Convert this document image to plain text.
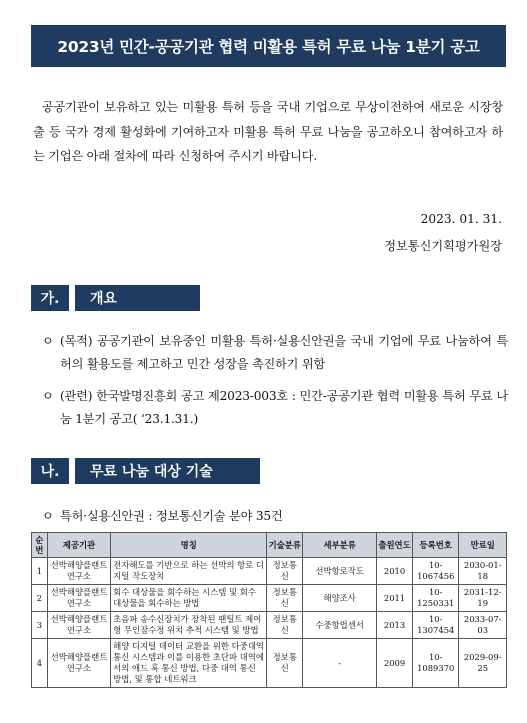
2023년 민간-공공기관 협력 미활용 특허 무료 나눔 1분기 공고
공공기관이 보유하고 있는 미활용 특허 등을 국내 기업으로 무상이전하여 새로운 시장창출 등 국가 경제 활성화에 기여하고자 미활용 특허 무료 나눔을 공고하오니 참여하고자 하는 기업은 아래 절차에 따라 신청하여 주시기 바랍니다.
2023. 01. 31.
정보통신기획평가원장
가.	개요
ㅇ (목적) 공공기관이 보유중인 미활용 특허·실용신안권을 국내 기업에 무료 나눔하여 특허의 활용도를 제고하고 민간 성장을 촉진하기 위함
ㅇ (관련) 한국발명진흥회 공고 제2023-003호 : 민간-공공기관 협력 미활용 특허 무료 나눔 1분기 공고( ‘23.1.31.)
나.	무료 나눔 대상 기술
ㅇ 특허·실용신안권 : 정보통신기술 분야 35건
순번	제공기관	명칭	기술분류	세부분류	출원연도	등록번호	만료일
1	선박해양플랜트연구소	전자해도를 기반으로 하는 선박의 항로 디지털 작도장치	정보통신	선박항로작도	2010	10-1067456	2030-01-18
2	선박해양플랜트연구소	회수 대상물을 회수하는 시스템 및 회수 대상물을 회수하는 방법	정보통신	해양조사	2011	10-1250331	2031-12-19
3	선박해양플랜트연구소	초음파 송수신장치가 장착된 팬틸트 제어형 무인잠수정 위치 추적 시스템 및 방법	정보통신	수중항법센서	2013	10-1307454	2033-07-03
4	선박해양플랜트연구소	해양 디지털 데이터 교환을 위한 다중대역 통신 시스템과 이를 이용한 초단파 대역에서의 애드 혹 통신 방법, 다중 대역 통신 방법, 및 통합 네트워크	정보통신	-	2009	10-1089370	2029-09-25
